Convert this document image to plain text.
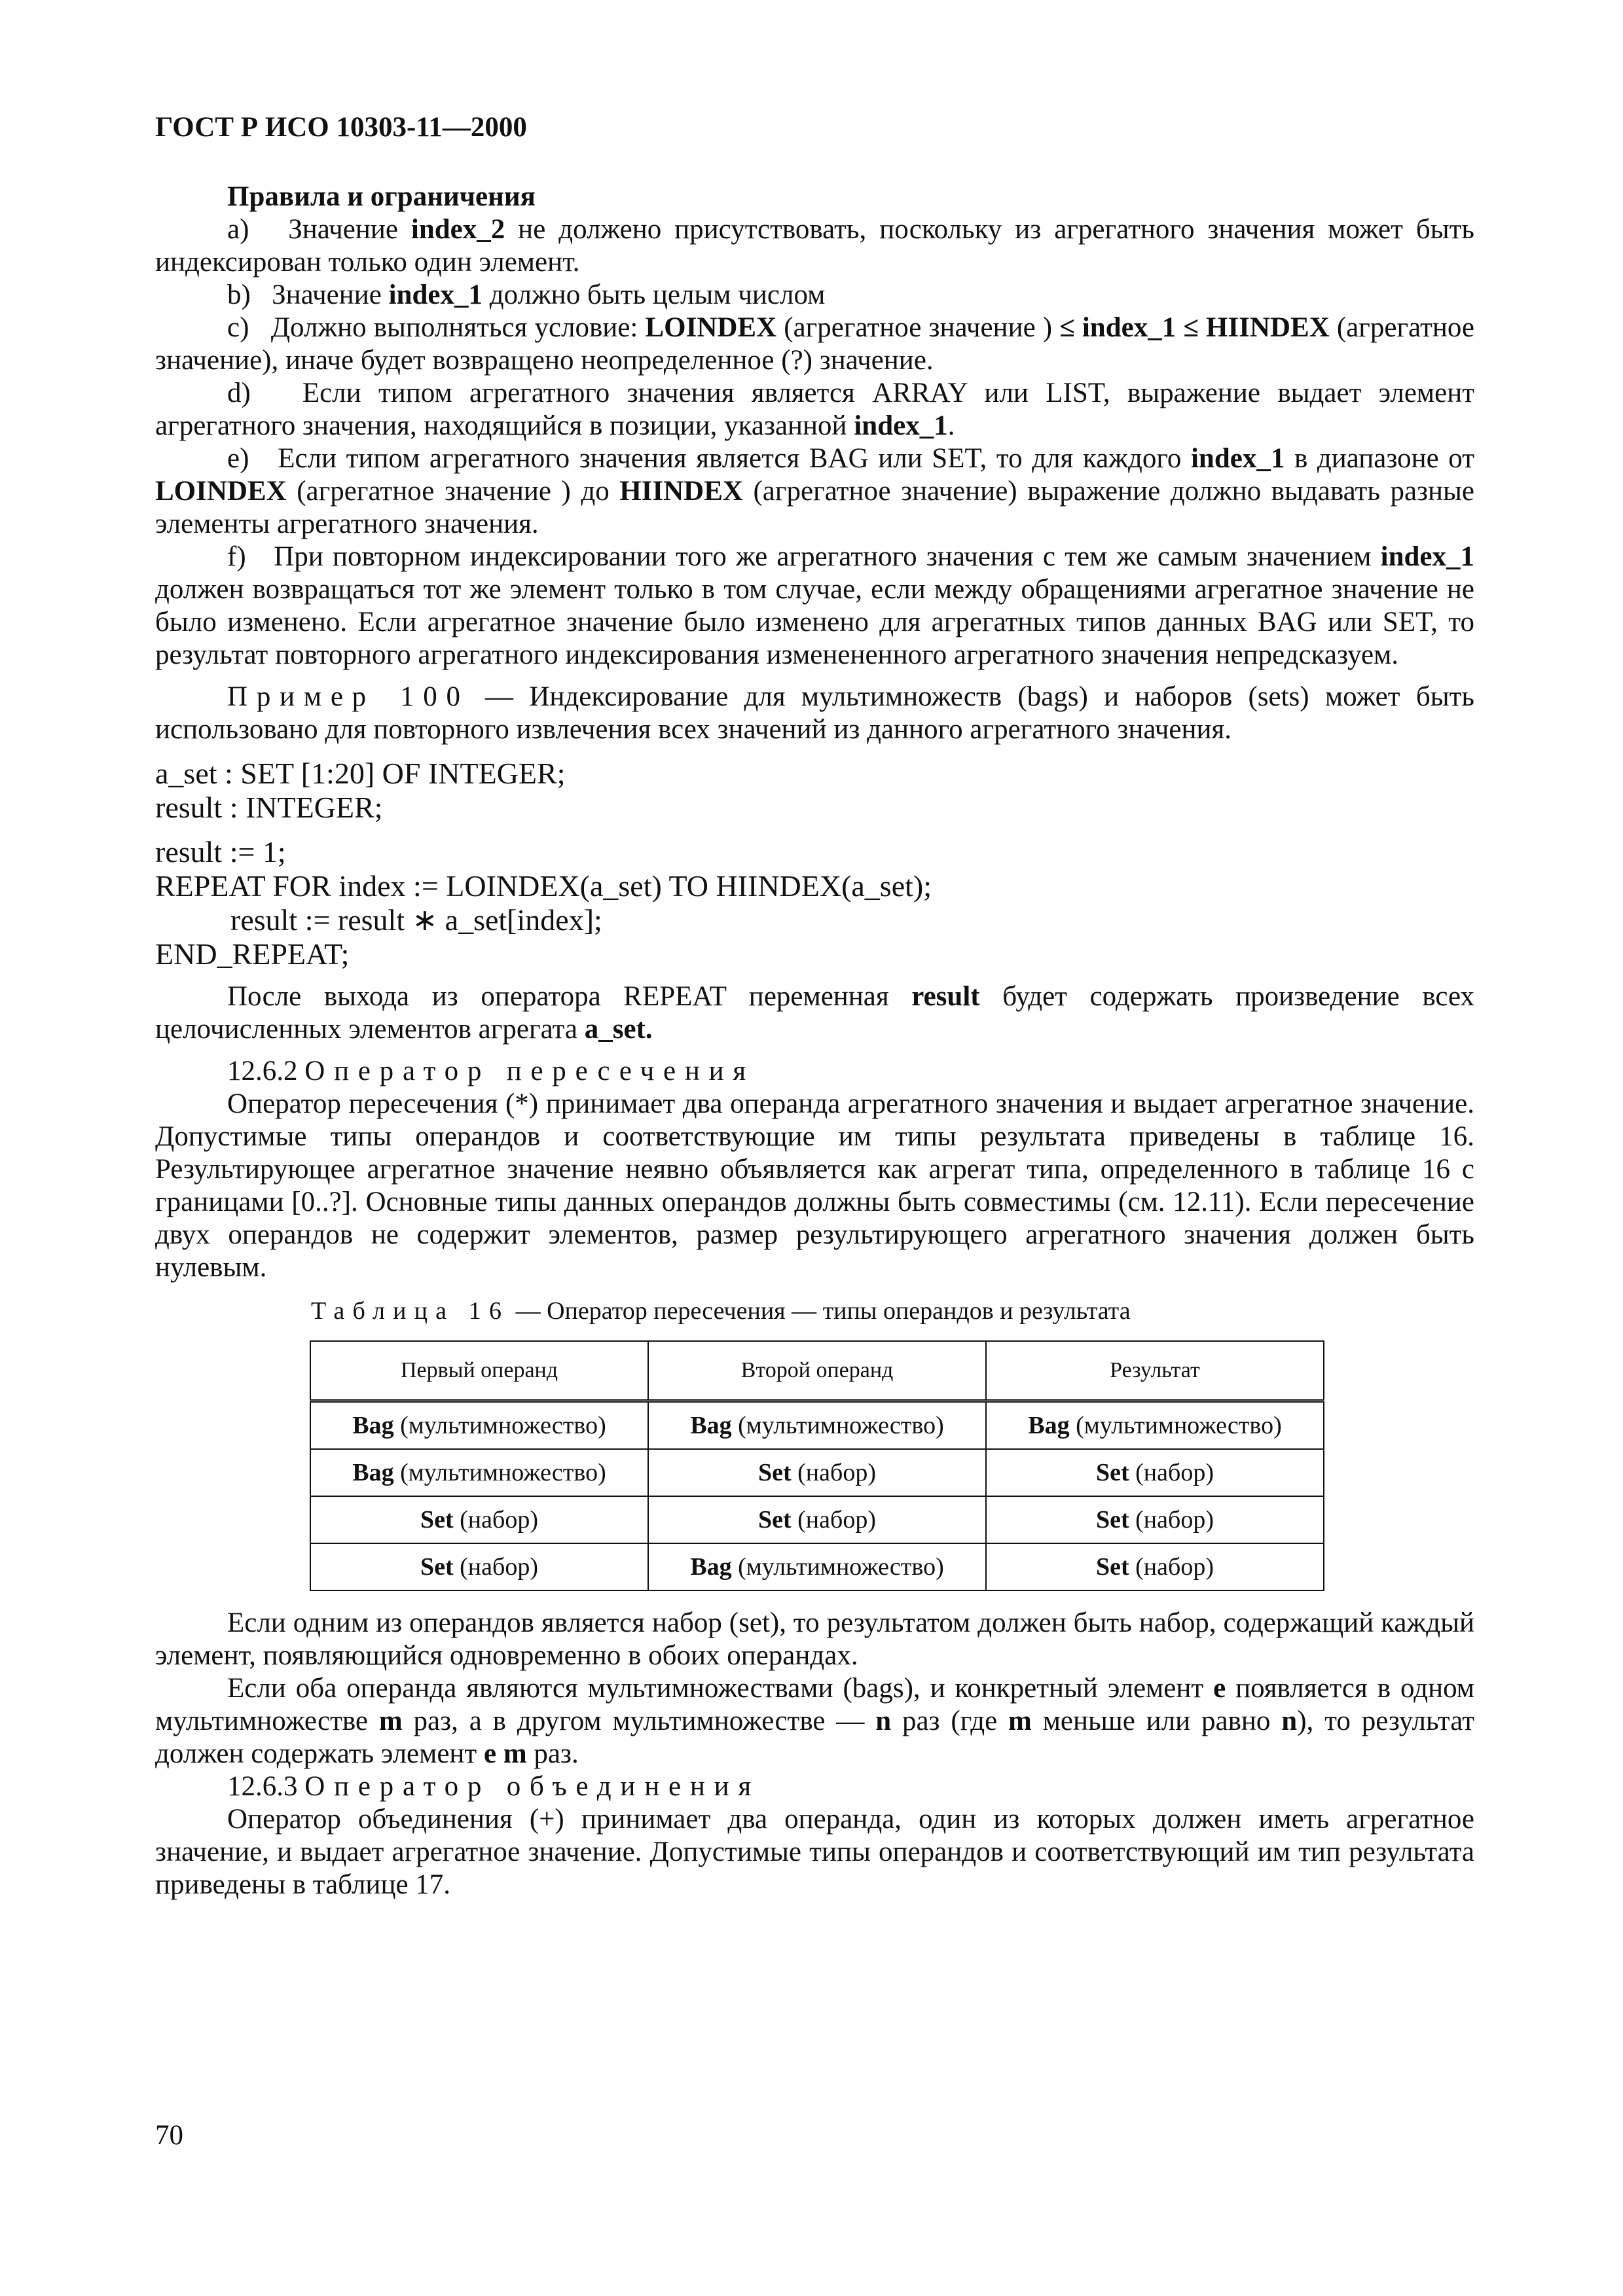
ГОСТ Р ИСО 10303-11—2000
Правила и ограничения
а) Значение index_2 не должено присутствовать, поскольку из агрегатного значения может быть индексирован только один элемент.
b) Значение index_1 должно быть целым числом
с) Должно выполняться условие: LOINDEX (агрегатное значение ) ≤ index_1 ≤ HIINDEX (агрегатное значение), иначе будет возвращено неопределенное (?) значение.
d) Если типом агрегатного значения является ARRAY или LIST, выражение выдает элемент агрегатного значения, находящийся в позиции, указанной index_1.
е) Если типом агрегатного значения является BAG или SET, то для каждого index_1 в диапазоне от LOINDEX (агрегатное значение ) до HIINDEX (агрегатное значение) выражение должно выдавать разные элементы агрегатного значения.
f) При повторном индексировании того же агрегатного значения с тем же самым значением index_1 должен возвращаться тот же элемент только в том случае, если между обращениями агрегатное значение не было изменено. Если агрегатное значение было изменено для агрегатных типов данных BAG или SET, то результат повторного агрегатного индексирования изменененного агрегатного значения непредсказуем.
Пример 100 — Индексирование для мультимножеств (bags) и наборов (sets) может быть использовано для повторного извлечения всех значений из данного агрегатного значения.
a_set : SET [1:20] OF INTEGER;
result : INTEGER;
result := 1;
REPEAT FOR index := LOINDEX(a_set) TO HIINDEX(a_set);
result := result ∗ a_set[index];
END_REPEAT;
После выхода из оператора REPEAT переменная result будет содержать произведение всех целочисленных элементов агрегата a_set.
12.6.2 Оператор пересечения
Оператор пересечения (*) принимает два операнда агрегатного значения и выдает агрегатное значение. Допустимые типы операндов и соответствующие им типы результата приведены в таблице 16. Результирующее агрегатное значение неявно объявляется как агрегат типа, определенного в таблице 16 с границами [0..?]. Основные типы данных операндов должны быть совместимы (см. 12.11). Если пересечение двух операндов не содержит элементов, размер результирующего агрегатного значения должен быть нулевым.
Таблица 16 — Оператор пересечения — типы операндов и результата
Первый операнд	Второй операнд	Результат
Bag (мультимножество)	Bag (мультимножество)	Bag (мультимножество)
Bag (мультимножество)	Set (набор)	Set (набор)
Set (набор)	Set (набор)	Set (набор)
Set (набор)	Bag (мультимножество)	Set (набор)
Если одним из операндов является набор (set), то результатом должен быть набор, содержащий каждый элемент, появляющийся одновременно в обоих операндах.
Если оба операнда являются мультимножествами (bags), и конкретный элемент е появляется в одном мультимножестве m раз, а в другом мультимножестве — n раз (где m меньше или равно n), то результат должен содержать элемент е m раз.
12.6.3 Оператор объединения
Оператор объединения (+) принимает два операнда, один из которых должен иметь агрегатное значение, и выдает агрегатное значение. Допустимые типы операндов и соответствующий им тип результата приведены в таблице 17.
70
